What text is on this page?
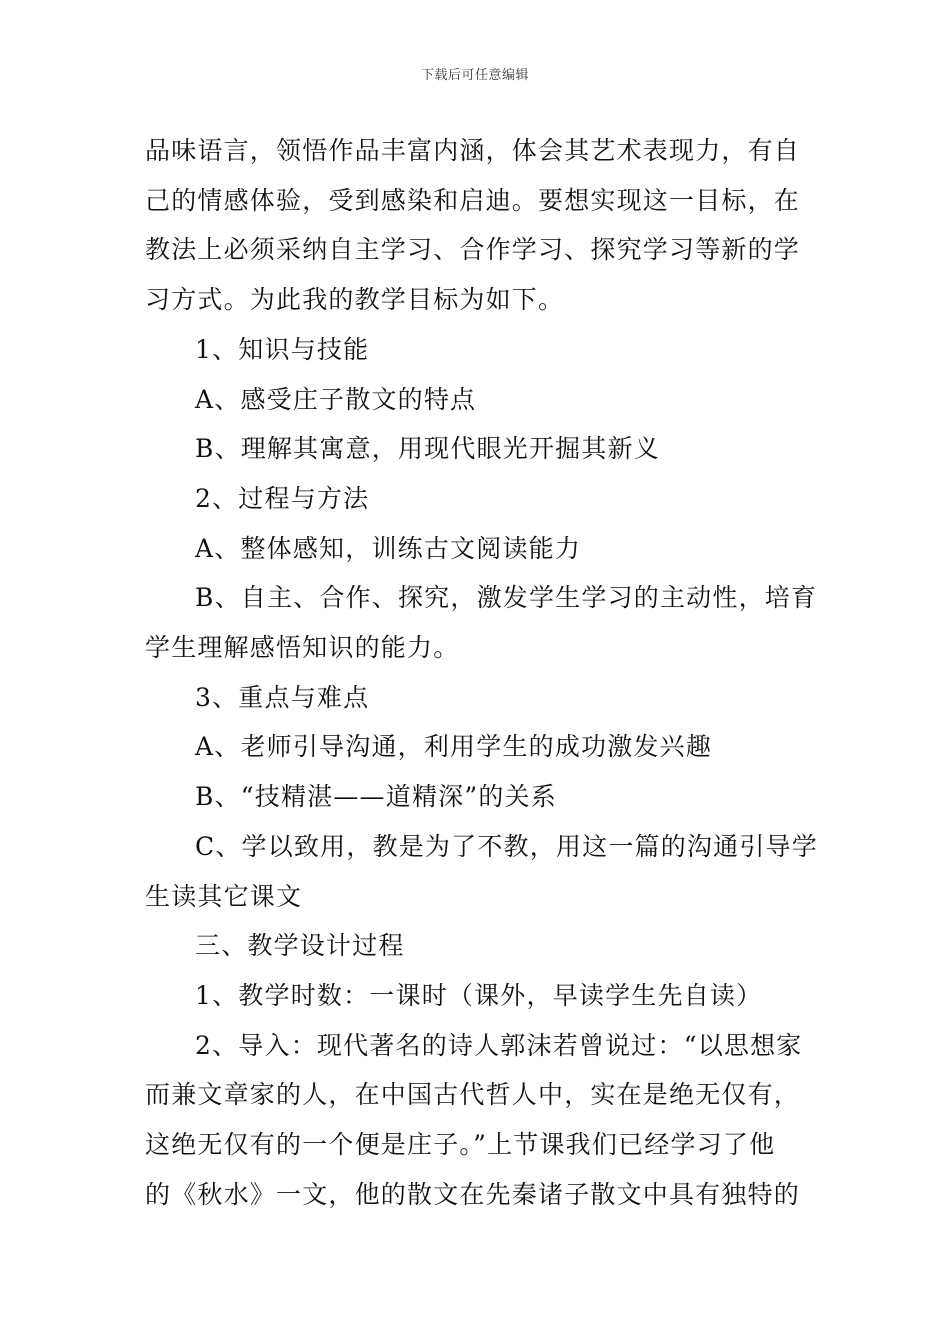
下载后可任意编辑

品味语言，领悟作品丰富内涵，体会其艺术表现力，有自

己的情感体验，受到感染和启迪。要想实现这一目标，在

教法上必须采纳自主学习、合作学习、探究学习等新的学

习方式。为此我的教学目标为如下。

1、知识与技能

A、感受庄子散文的特点

B、理解其寓意，用现代眼光开掘其新义

2、过程与方法

A、整体感知，训练古文阅读能力

B、自主、合作、探究，激发学生学习的主动性，培育

学生理解感悟知识的能力。

3、重点与难点

A、老师引导沟通，利用学生的成功激发兴趣

B、“技精湛——道精深”的关系

C、学以致用，教是为了不教，用这一篇的沟通引导学

生读其它课文

三、教学设计过程

1、教学时数：一课时（课外，早读学生先自读）

2、导入：现代著名的诗人郭沫若曾说过：“以思想家

而兼文章家的人，在中国古代哲人中，实在是绝无仅有，

这绝无仅有的一个便是庄子。”上节课我们已经学习了他

的《秋水》一文，他的散文在先秦诸子散文中具有独特的
